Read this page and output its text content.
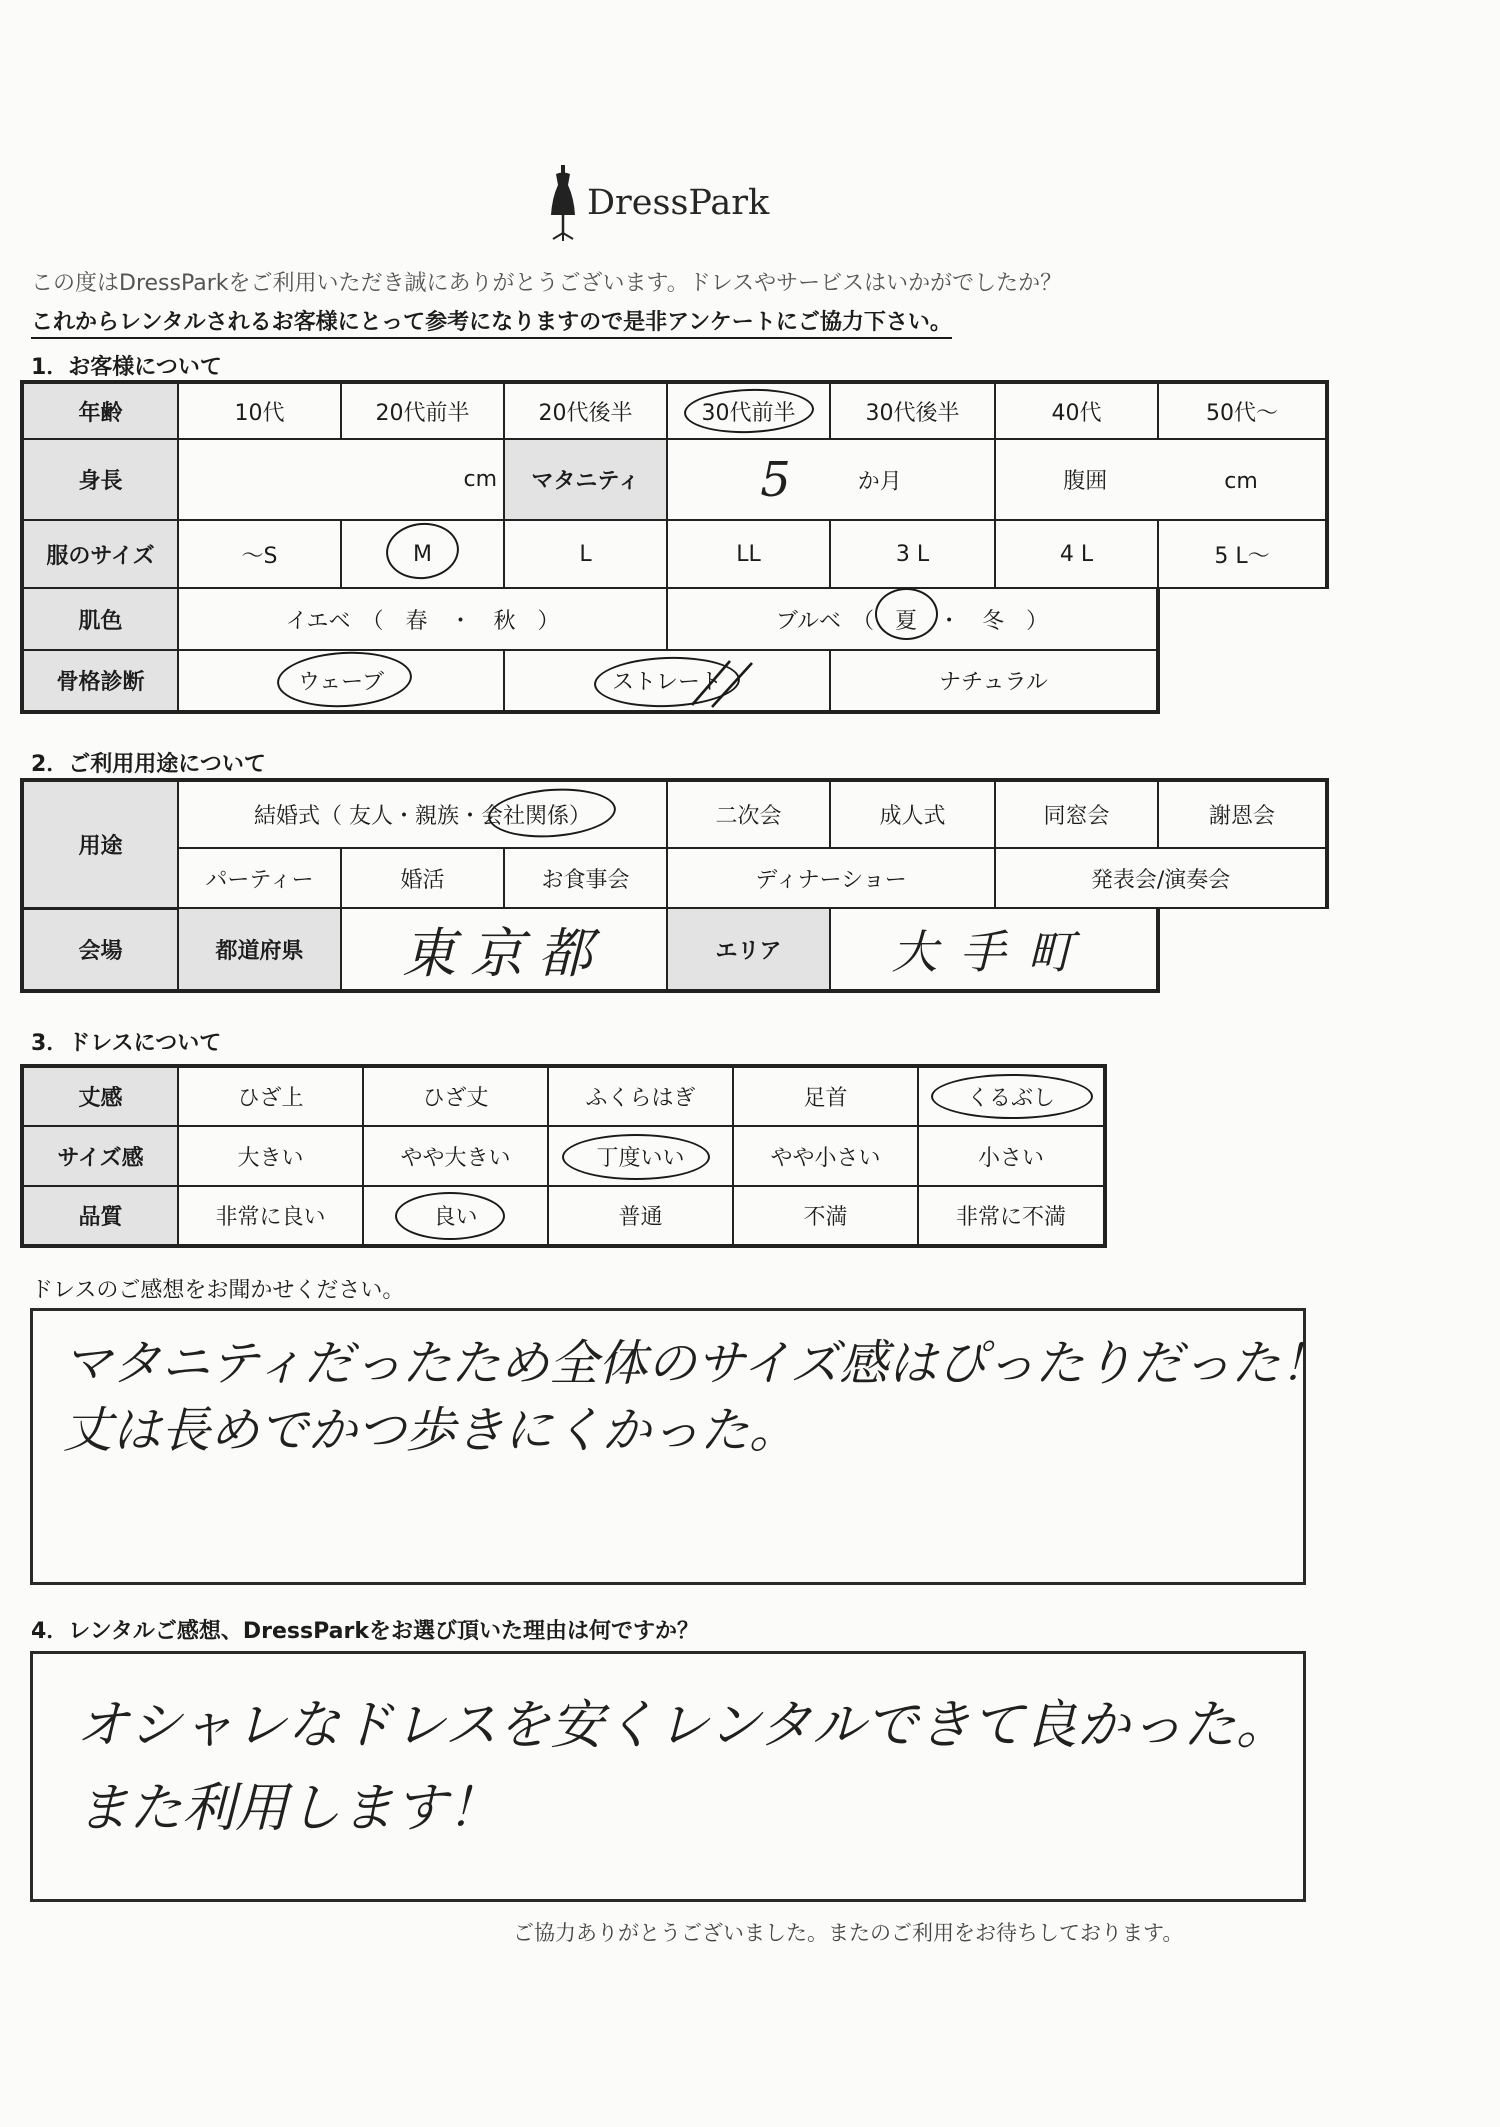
DressPark
この度はDressParkをご利用いただき誠にありがとうございます。ドレスやサービスはいかがでしたか？
これからレンタルされるお客様にとって参考になりますので是非アンケートにご協力下さい。
1．お客様について
年齢	10代	20代前半	20代後半	30代前半	30代後半	40代	50代～
身長	cm		マタニティ	5 か月		腹囲 cm	
服のサイズ	～S	M	L	LL	3 L	4 L	5 L～
肌色	イエベ　（　春　・　秋　）			ブルベ　（ 夏 ・　冬　）			
骨格診断	ウェーブ		ストレート		ナチュラル		
2．ご利用用途について
用途	結婚式（ 友人・親族・会社関係）			二次会	成人式	同窓会	謝恩会
	パーティー	婚活	お食事会	ディナーショー		発表会/演奏会	
会場	都道府県	東京都		エリア	大手町		
3．ドレスについて
丈感	ひざ上	ひざ丈	ふくらはぎ	足首	くるぶし
サイズ感	大きい	やや大きい	丁度いい	やや小さい	小さい
品質	非常に良い	良い	普通	不満	非常に不満
ドレスのご感想をお聞かせください。
マタニティだったため全体のサイズ感はぴったりだった！
丈は長めでかつ歩きにくかった。
4．レンタルご感想、DressParkをお選び頂いた理由は何ですか？
オシャレなドレスを安くレンタルできて良かった。
また利用します！
ご協力ありがとうございました。またのご利用をお待ちしております。
